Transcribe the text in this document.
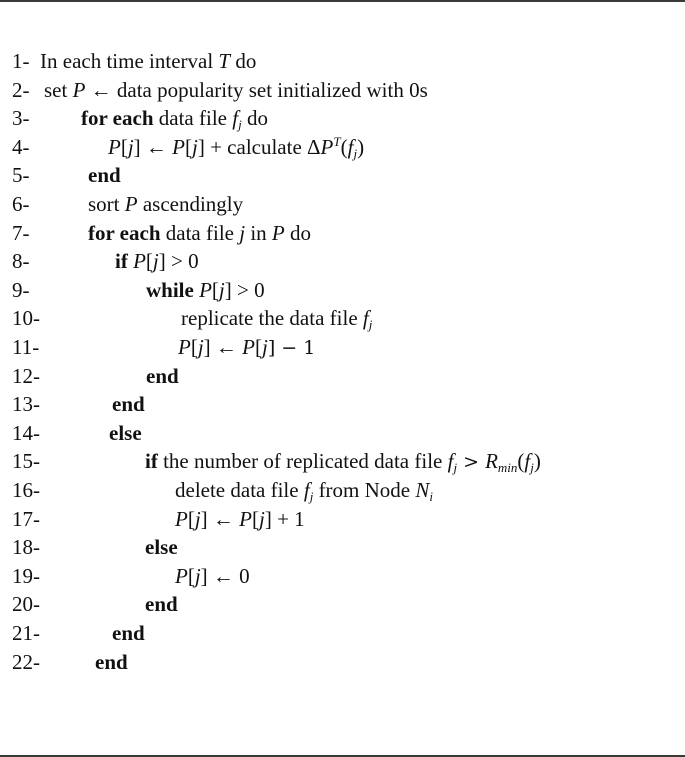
1- In each time interval T do
2- set P ← data popularity set initialized with 0s
3- for each data file $f_j$ do
4-	P[j] ← P[j] + calculate $\Delta P^T(f_j)$
5-	end
6-	sort P ascendingly
7-	for each data file j in P do
8-	if P[j] > 0
9-	while P[j] > 0
10-	replicate the data file $f_j$
11-	P[j] ← P[j] − 1
12-	end
13-	end
14-	else
15-	if the number of replicated data file $f_j > R_{min}(f_j)$
16-	delete data file $f_j$ from Node $N_i$
17-	P[j] ← P[j] + 1
18-	else
19-	P[j] ← 0
20-	end
21-	end
22-	end
